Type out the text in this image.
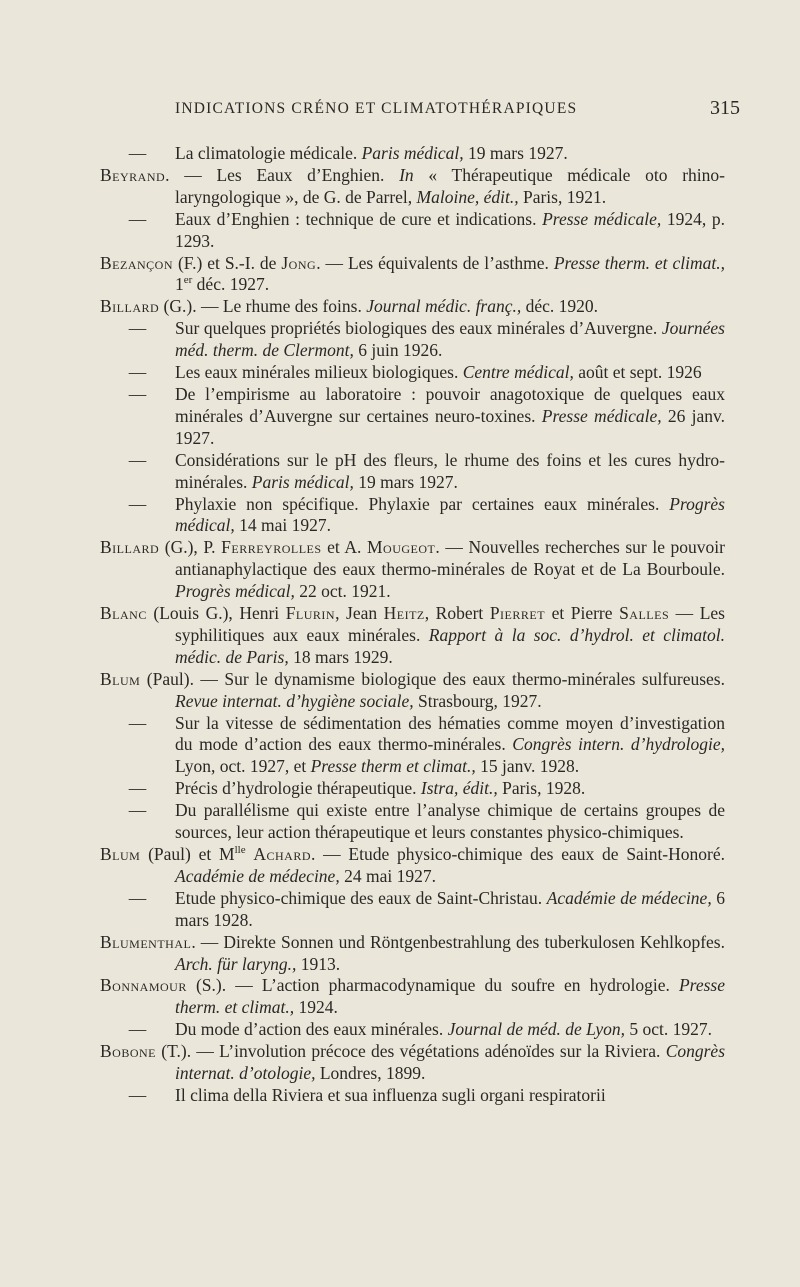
INDICATIONS CRÉNO ET CLIMATOTHÉRAPIQUES	315

— La climatologie médicale. Paris médical, 19 mars 1927.

Beyrand. — Les Eaux d’Enghien. In « Thérapeutique médicale oto rhino-laryngologique », de G. de Parrel, Maloine, édit., Paris, 1921.

— Eaux d’Enghien : technique de cure et indications. Presse médicale, 1924, p. 1293.

Bezançon (F.) et S.-I. de Jong. — Les équivalents de l’asthme. Presse therm. et climat., 1er déc. 1927.

Billard (G.). — Le rhume des foins. Journal médic. franç., déc. 1920.

— Sur quelques propriétés biologiques des eaux minérales d’Auvergne. Journées méd. therm. de Clermont, 6 juin 1926.

— Les eaux minérales milieux biologiques. Centre médical, août et sept. 1926

— De l’empirisme au laboratoire : pouvoir anagotoxique de quelques eaux minérales d’Auvergne sur certaines neuro-toxines. Presse médicale, 26 janv. 1927.

— Considérations sur le pH des fleurs, le rhume des foins et les cures hydro-minérales. Paris médical, 19 mars 1927.

— Phylaxie non spécifique. Phylaxie par certaines eaux minérales. Progrès médical, 14 mai 1927.

Billard (G.), P. Ferreyrolles et A. Mougeot. — Nouvelles recherches sur le pouvoir antianaphylactique des eaux thermo-minérales de Royat et de La Bourboule. Progrès médical, 22 oct. 1921.

Blanc (Louis G.), Henri Flurin, Jean Heitz, Robert Pierret et Pierre Salles — Les syphilitiques aux eaux minérales. Rapport à la soc. d’hydrol. et climatol. médic. de Paris, 18 mars 1929.

Blum (Paul). — Sur le dynamisme biologique des eaux thermo-minérales sulfureuses. Revue internat. d’hygiène sociale, Strasbourg, 1927.

— Sur la vitesse de sédimentation des hématies comme moyen d’investigation du mode d’action des eaux thermo-minérales. Congrès intern. d’hydrologie, Lyon, oct. 1927, et Presse therm et climat., 15 janv. 1928.

— Précis d’hydrologie thérapeutique. Istra, édit., Paris, 1928.

— Du parallélisme qui existe entre l’analyse chimique de certains groupes de sources, leur action thérapeutique et leurs constantes physico-chimiques.

Blum (Paul) et $M^{lle}$ Achard. — Etude physico-chimique des eaux de Saint-Honoré. Académie de médecine, 24 mai 1927.

— Etude physico-chimique des eaux de Saint-Christau. Académie de médecine, 6 mars 1928.

Blumenthal. — Direkte Sonnen und Röntgenbestrahlung des tuberkulosen Kehlkopfes. Arch. für laryng., 1913.

Bonnamour (S.). — L’action pharmacodynamique du soufre en hydrologie. Presse therm. et climat., 1924.

— Du mode d’action des eaux minérales. Journal de méd. de Lyon, 5 oct. 1927.

Bobone (T.). — L’involution précoce des végétations adénoïdes sur la Riviera. Congrès internat. d’otologie, Londres, 1899.

— Il clima della Riviera et sua influenza sugli organi respiratorii
